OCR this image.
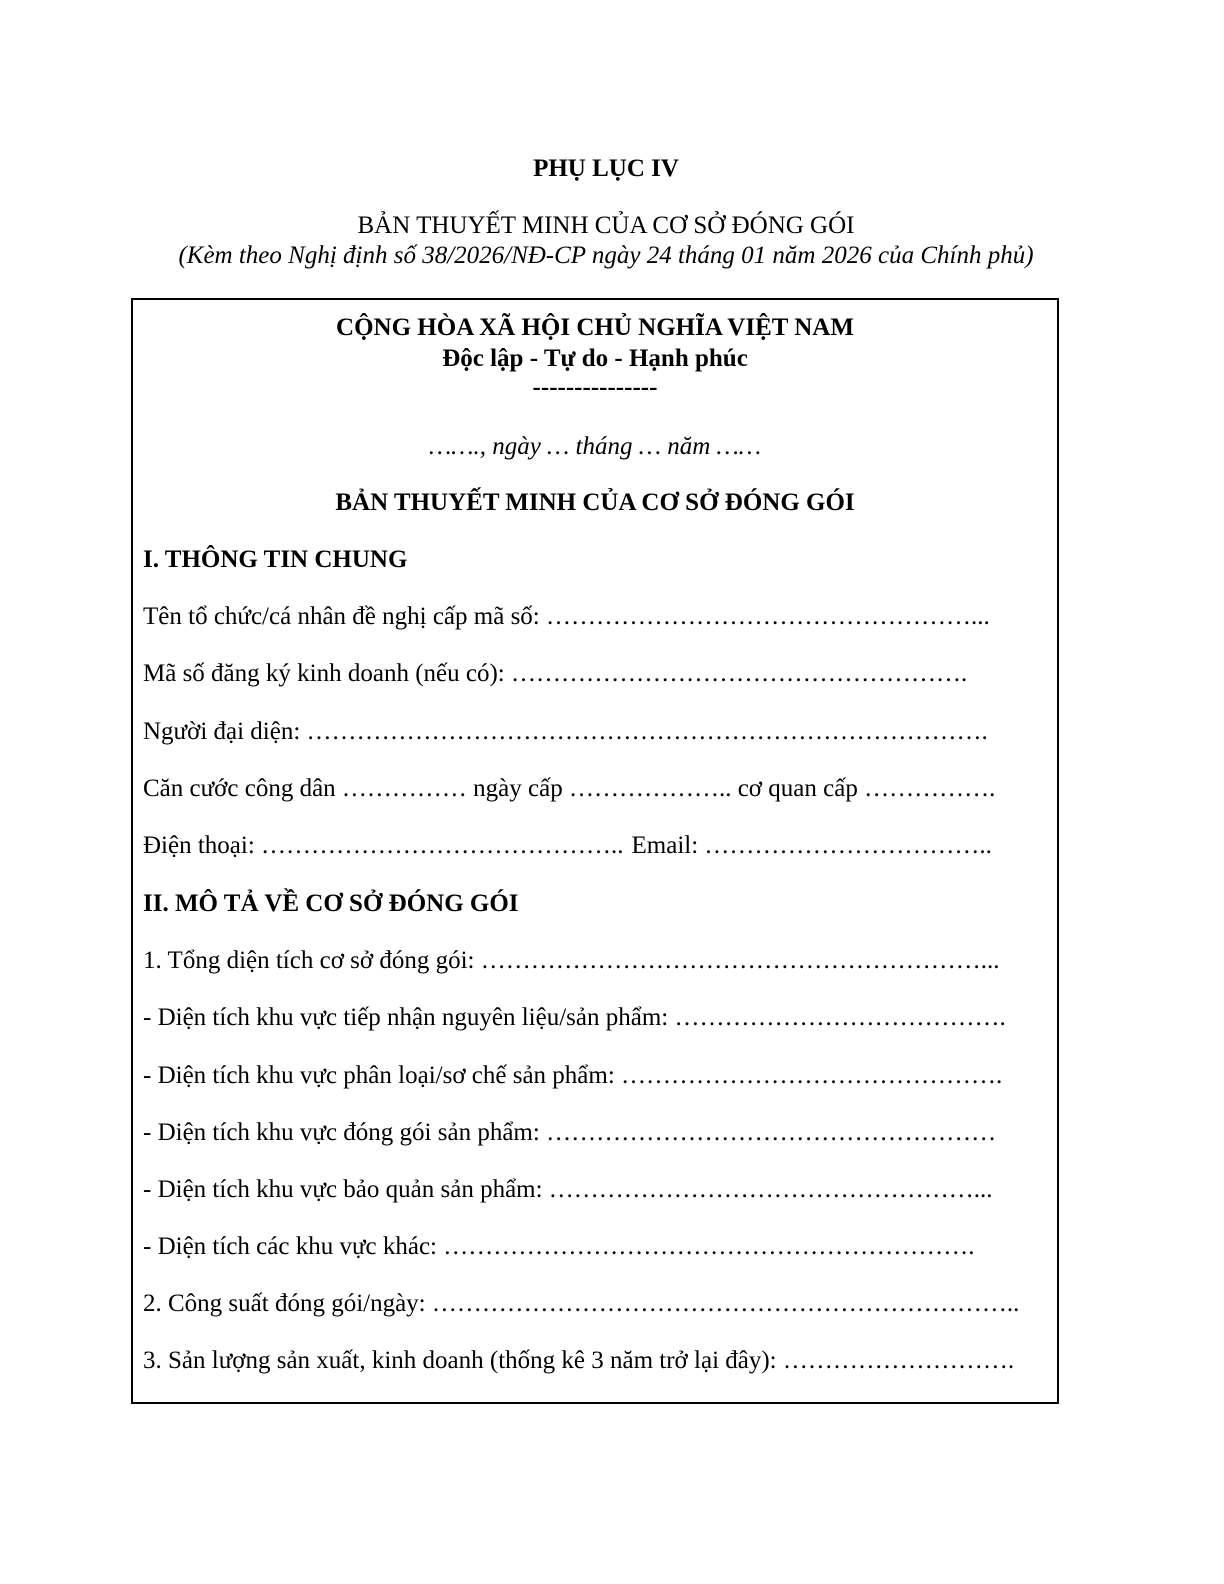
PHỤ LỤC IV

BẢN THUYẾT MINH CỦA CƠ SỞ ĐÓNG GÓI

(Kèm theo Nghị định số 38/2026/NĐ-CP ngày 24 tháng 01 năm 2026 của Chính phủ)

CỘNG HÒA XÃ HỘI CHỦ NGHĨA VIỆT NAM

Độc lập - Tự do - Hạnh phúc

---------------

……., ngày … tháng … năm ……

BẢN THUYẾT MINH CỦA CƠ SỞ ĐÓNG GÓI

I. THÔNG TIN CHUNG

Tên tổ chức/cá nhân đề nghị cấp mã số: ……………………………………………...

Mã số đăng ký kinh doanh (nếu có): ……………………………………………….

Người đại diện: ……………………………………………………………………….

Căn cước công dân …………… ngày cấp ……………….. cơ quan cấp …………….

Điện thoại: …………………………………….. Email: ……………………………..

II. MÔ TẢ VỀ CƠ SỞ ĐÓNG GÓI

1. Tổng diện tích cơ sở đóng gói: ……………………………………………………...

- Diện tích khu vực tiếp nhận nguyên liệu/sản phẩm: ………………………………….

- Diện tích khu vực phân loại/sơ chế sản phẩm: ……………………………………….

- Diện tích khu vực đóng gói sản phẩm: ………………………………………………

- Diện tích khu vực bảo quản sản phẩm: ……………………………………………...

- Diện tích các khu vực khác: ……………………………………………………….

2. Công suất đóng gói/ngày: ……………………………………………………………..

3. Sản lượng sản xuất, kinh doanh (thống kê 3 năm trở lại đây): ……………………….
